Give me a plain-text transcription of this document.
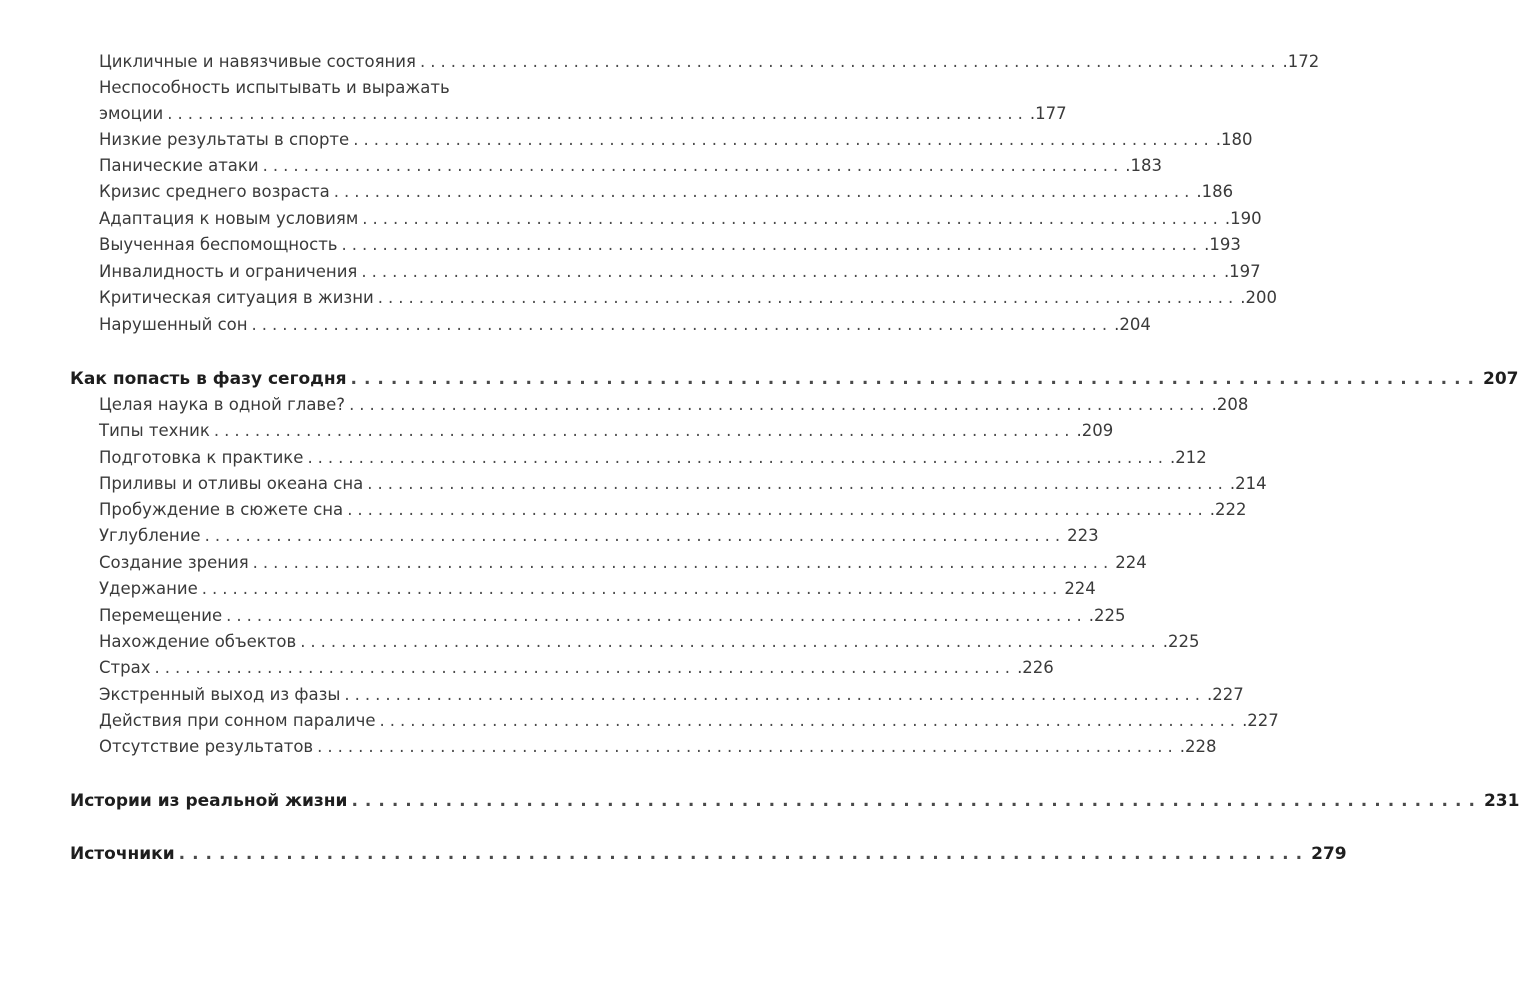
Цикличные и навязчивые состояния .................................................................................... .172
Неспособность испытывать и выражать
эмоции .................................................................................... .177
Низкие результаты в спорте .................................................................................... .180
Панические атаки .................................................................................... .183
Кризис среднего возраста .................................................................................... .186
Адаптация к новым условиям .................................................................................... .190
Выученная беспомощность .................................................................................... .193
Инвалидность и ограничения .................................................................................... .197
Критическая ситуация в жизни .................................................................................... .200
Нарушенный сон .................................................................................... .204
Как попасть в фазу сегодня .................................................................................... 207
Целая наука в одной главе? .................................................................................... .208
Типы техник .................................................................................... .209
Подготовка к практике .................................................................................... .212
Приливы и отливы океана сна .................................................................................... .214
Пробуждение в сюжете сна .................................................................................... .222
Углубление .................................................................................... 223
Создание зрения .................................................................................... 224
Удержание .................................................................................... 224
Перемещение .................................................................................... .225
Нахождение объектов .................................................................................... .225
Страх .................................................................................... .226
Экстренный выход из фазы .................................................................................... .227
Действия при сонном параличе .................................................................................... .227
Отсутствие результатов .................................................................................... .228
Истории из реальной жизни .................................................................................... 231
Источники .................................................................................... 279
